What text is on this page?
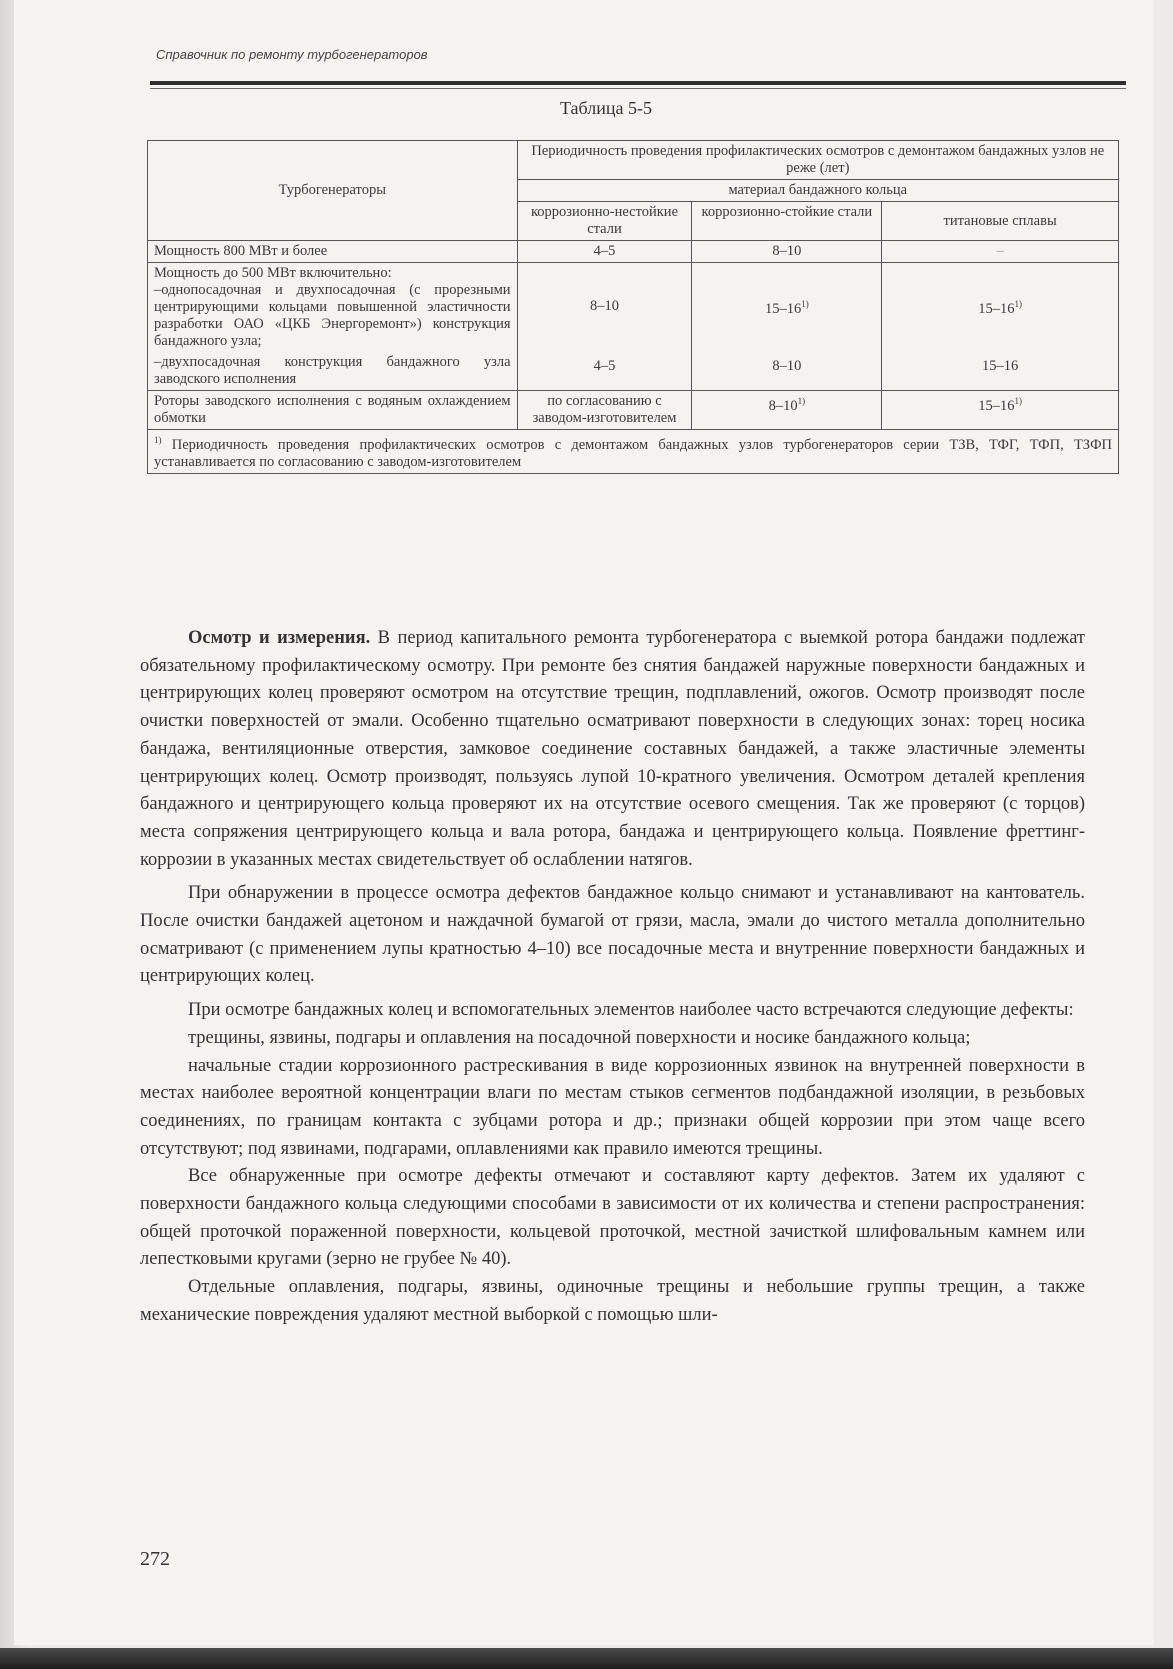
Справочник по ремонту турбогенераторов
Таблица 5-5
Турбогенераторы	Периодичность проведения профилактических осмотров с демонтажом бандажных узлов не реже (лет)		
	материал бандажного кольца		
	коррозионно-нестойкие стали	коррозионно-стойкие стали	титановые сплавы
Мощность 800 МВт и более	4–5	8–10	–

Мощность до 500 МВт включительно:
–однопосадочная и двухпосадочная (с прорезными центрирующими кольцами повышенной эластичности разработки ОАО «ЦКБ Энергоремонт») конструкция бандажного узла;	8–10	15–16$^{1)}$	15–16$^{1)}$
–двухпосадочная конструкция бандажного узла заводского исполнения	4–5	8–10	15–16
Роторы заводского исполнения с водяным охлаждением обмотки	по согласованию с заводом-изготовителем	8–10$^{1)}$	15–16$^{1)}$
$^{1)}$ Периодичность проведения профилактических осмотров с демонтажом бандажных узлов турбогенераторов серии ТЗВ, ТФГ, ТФП, ТЗФП устанавливается по согласованию с заводом-изготовителем			

Осмотр и измерения. В период капитального ремонта турбогенератора с выемкой ротора бандажи подлежат обязательному профилактическому осмотру. При ремонте без снятия бандажей наружные поверхности бандажных и центрирующих колец проверяют осмотром на отсутствие трещин, подплавлений, ожогов. Осмотр производят после очистки поверхностей от эмали. Особенно тщательно осматривают поверхности в следующих зонах: торец носика бандажа, вентиляционные отверстия, замковое соединение составных бандажей, а также эластичные элементы центрирующих колец. Осмотр производят, пользуясь лупой 10-кратного увеличения. Осмотром деталей крепления бандажного и центрирующего кольца проверяют их на отсутствие осевого смещения. Так же проверяют (с торцов) места сопряжения центрирующего кольца и вала ротора, бандажа и центрирующего кольца. Появление фреттинг-коррозии в указанных местах свидетельствует об ослаблении натягов.

При обнаружении в процессе осмотра дефектов бандажное кольцо снимают и устанавливают на кантователь. После очистки бандажей ацетоном и наждачной бумагой от грязи, масла, эмали до чистого металла дополнительно осматривают (с применением лупы кратностью 4–10) все посадочные места и внутренние поверхности бандажных и центрирующих колец.

При осмотре бандажных колец и вспомогательных элементов наиболее часто встречаются следующие дефекты:

трещины, язвины, подгары и оплавления на посадочной поверхности и носике бандажного кольца;

начальные стадии коррозионного растрескивания в виде коррозионных язвинок на внутренней поверхности в местах наиболее вероятной концентрации влаги по местам стыков сегментов подбандажной изоляции, в резьбовых соединениях, по границам контакта с зубцами ротора и др.; признаки общей коррозии при этом чаще всего отсутствуют; под язвинами, подгарами, оплавлениями как правило имеются трещины.

Все обнаруженные при осмотре дефекты отмечают и составляют карту дефектов. Затем их удаляют с поверхности бандажного кольца следующими способами в зависимости от их количества и степени распространения: общей проточкой пораженной поверхности, кольцевой проточкой, местной зачисткой шлифовальным камнем или лепестковыми кругами (зерно не грубее № 40).

Отдельные оплавления, подгары, язвины, одиночные трещины и небольшие группы трещин, а также механические повреждения удаляют местной выборкой с помощью шли-

272
